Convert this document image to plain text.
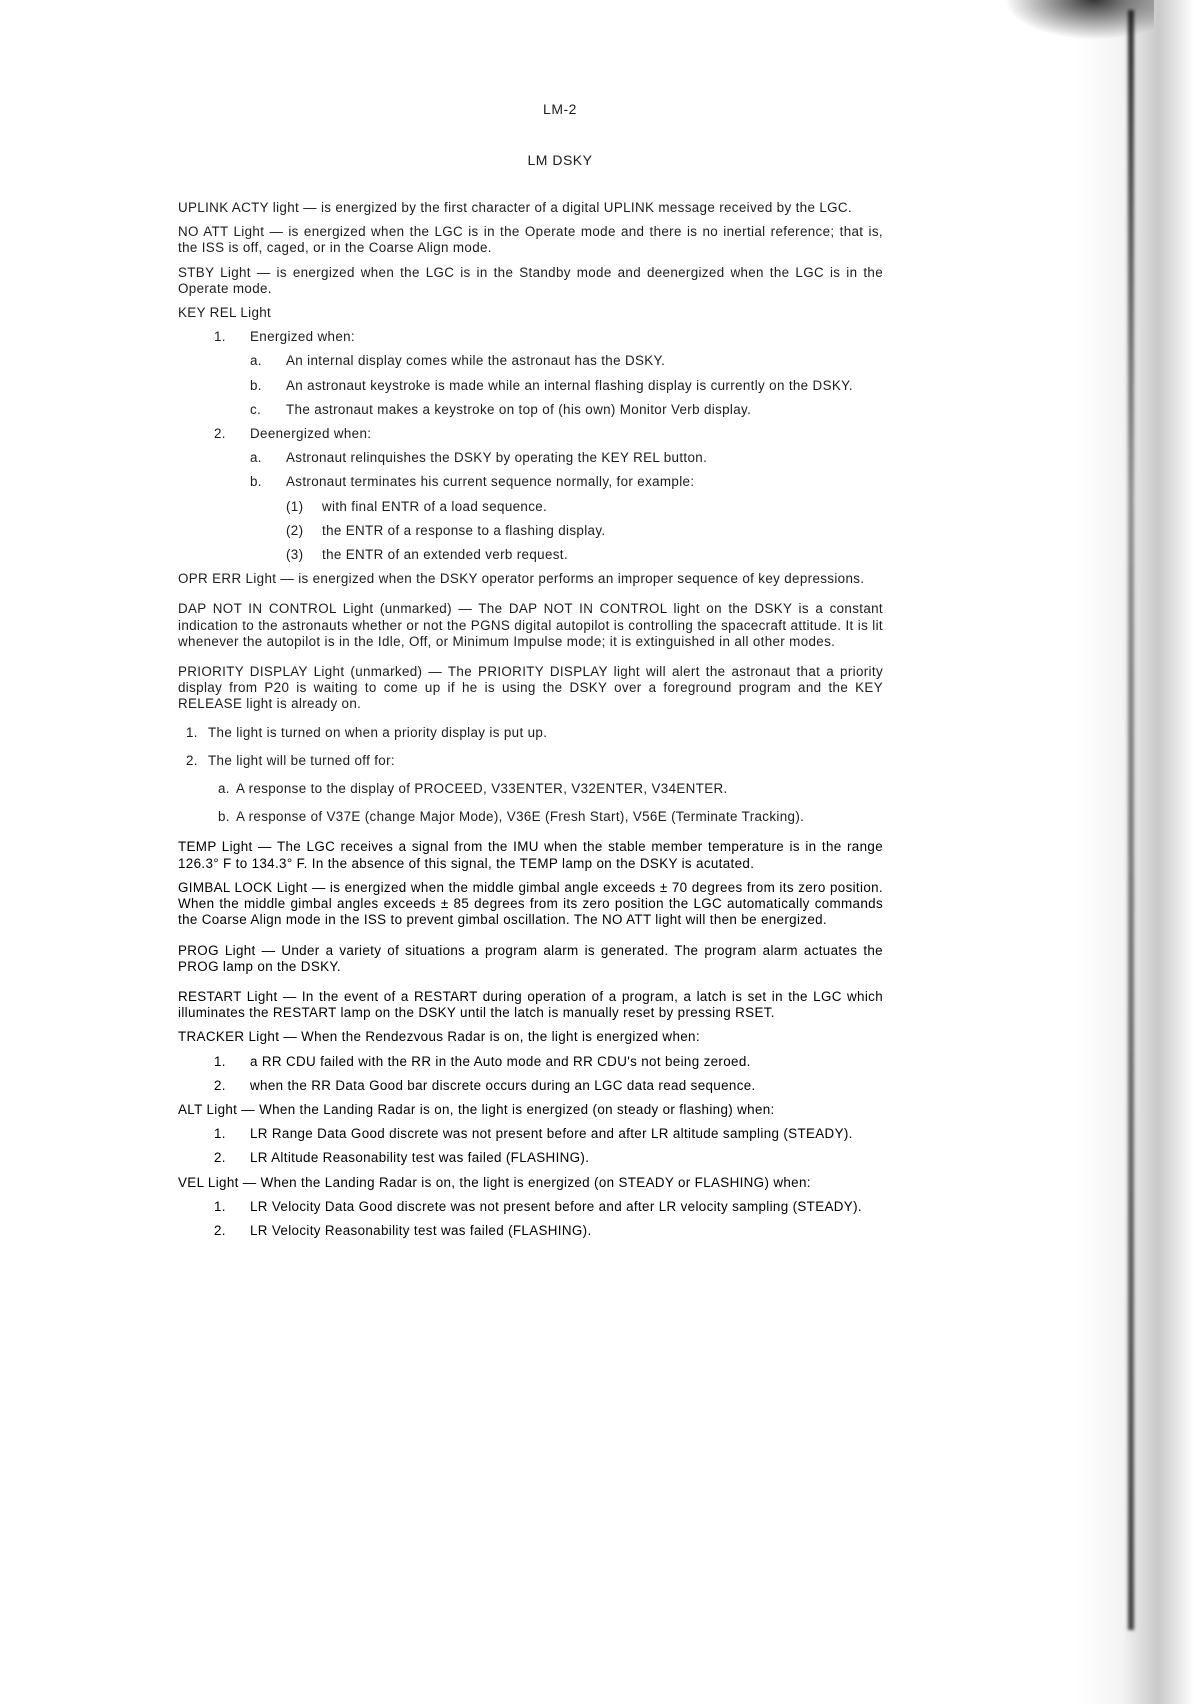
LM-2
LM DSKY

UPLINK ACTY light — is energized by the first character of a digital UPLINK message received by the LGC.

NO ATT Light — is energized when the LGC is in the Operate mode and there is no inertial reference; that is, the ISS is off, caged, or in the Coarse Align mode.

STBY Light — is energized when the LGC is in the Standby mode and deenergized when the LGC is in the Operate mode.

KEY REL Light

1.	Energized when:
a.	An internal display comes while the astronaut has the DSKY.
b.	An astronaut keystroke is made while an internal flashing display is currently on the DSKY.
c.	The astronaut makes a keystroke on top of (his own) Monitor Verb display.
2.	Deenergized when:
a.	Astronaut relinquishes the DSKY by operating the KEY REL button.
b.	Astronaut terminates his current sequence normally, for example:
(1)	with final ENTR of a load sequence.
(2)	the ENTR of a response to a flashing display.
(3)	the ENTR of an extended verb request.

OPR ERR Light — is energized when the DSKY operator performs an improper sequence of key depressions.

DAP NOT IN CONTROL Light (unmarked) — The DAP NOT IN CONTROL light on the DSKY is a constant indication to the astronauts whether or not the PGNS digital autopilot is controlling the spacecraft attitude. It is lit whenever the autopilot is in the Idle, Off, or Minimum Impulse mode; it is extinguished in all other modes.

PRIORITY DISPLAY Light (unmarked) — The PRIORITY DISPLAY light will alert the astronaut that a priority display from P20 is waiting to come up if he is using the DSKY over a foreground program and the KEY RELEASE light is already on.

1. The light is turned on when a priority display is put up.
2. The light will be turned off for:
a. A response to the display of PROCEED, V33ENTER, V32ENTER, V34ENTER.
b. A response of V37E (change Major Mode), V36E (Fresh Start), V56E (Terminate Tracking).

TEMP Light — The LGC receives a signal from the IMU when the stable member temperature is in the range 126.3° F to 134.3° F. In the absence of this signal, the TEMP lamp on the DSKY is acutated.

GIMBAL LOCK Light — is energized when the middle gimbal angle exceeds ± 70 degrees from its zero position. When the middle gimbal angles exceeds ± 85 degrees from its zero position the LGC automatically commands the Coarse Align mode in the ISS to prevent gimbal oscillation. The NO ATT light will then be energized.

PROG Light — Under a variety of situations a program alarm is generated. The program alarm actuates the PROG lamp on the DSKY.

RESTART Light — In the event of a RESTART during operation of a program, a latch is set in the LGC which illuminates the RESTART lamp on the DSKY until the latch is manually reset by pressing RSET.

TRACKER Light — When the Rendezvous Radar is on, the light is energized when:

1.	a RR CDU failed with the RR in the Auto mode and RR CDU's not being zeroed.
2.	when the RR Data Good bar discrete occurs during an LGC data read sequence.

ALT Light — When the Landing Radar is on, the light is energized (on steady or flashing) when:

1.	LR Range Data Good discrete was not present before and after LR altitude sampling (STEADY).
2.	LR Altitude Reasonability test was failed (FLASHING).

VEL Light — When the Landing Radar is on, the light is energized (on STEADY or FLASHING) when:

1.	LR Velocity Data Good discrete was not present before and after LR velocity sampling (STEADY).
2.	LR Velocity Reasonability test was failed (FLASHING).
